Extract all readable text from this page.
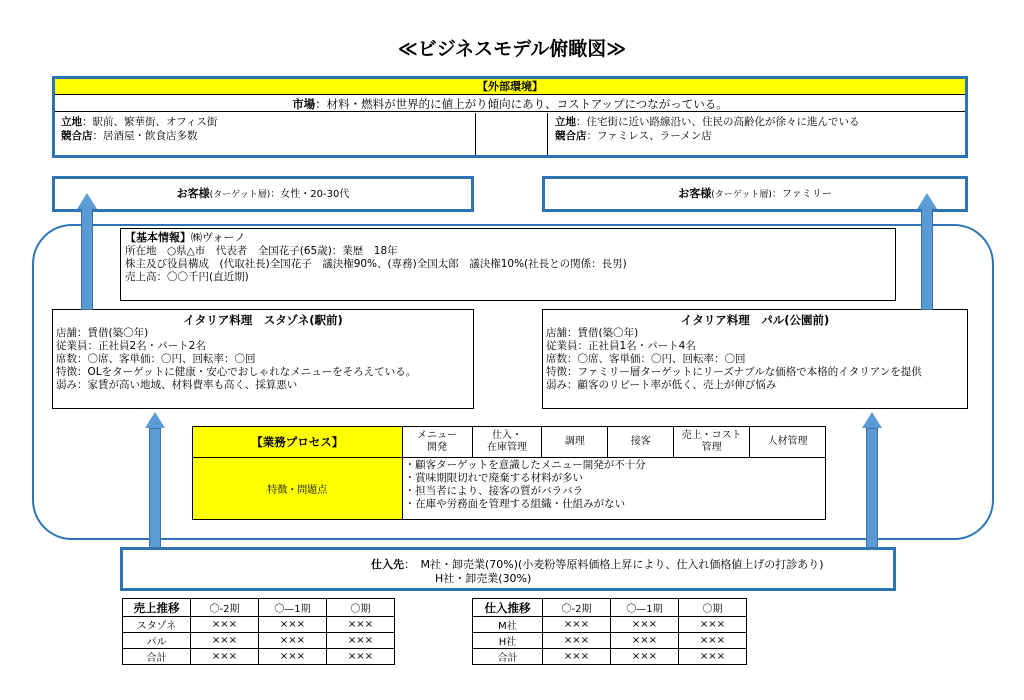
≪ビジネスモデル俯瞰図≫
【外部環境】
市場：材料・燃料が世界的に値上がり傾向にあり、コストアップにつながっている。
立地：駅前、繁華街、オフィス街
競合店：居酒屋・飲食店多数
立地：住宅街に近い路線沿い、住民の高齢化が徐々に進んでいる
競合店：ファミレス、ラーメン店
お客様(ターゲット層)：女性・20-30代	お客様(ターゲット層)：ファミリー
【基本情報】㈱ヴォーノ
所在地　○県△市　代表者　全国花子(65歳)：業歴　18年
株主及び役員構成　(代取社長)全国花子　議決権90%、(専務)全国太郎　議決権10%(社長との関係：長男)
売上高：〇〇千円(直近期)
イタリア料理　スタゾネ(駅前)
店舗：賃借(築〇年)
従業員：正社員2名・パート2名
席数：〇席、客単価：〇円、回転率：〇回
特徴：OLをターゲットに健康・安心でおしゃれなメニューをそろえている。
弱み：家賃が高い地域、材料費率も高く、採算悪い
イタリア料理　パル(公園前)
店舗：賃借(築〇年)
従業員：正社員1名・パート4名
席数：〇席、客単価：〇円、回転率：〇回
特徴：ファミリー層ターゲットにリーズナブルな価格で本格的イタリアンを提供
弱み：顧客のリピート率が低く、売上が伸び悩み
【業務プロセス】	メニュー
開発	仕入・
在庫管理	調理	接客	売上・コスト
管理	人材管理
特徴・問題点	・顧客ターゲットを意識したメニュー開発が不十分
・賞味期限切れで廃棄する材料が多い
・担当者により、接客の質がバラバラ
・在庫や労務面を管理する組織・仕組みがない					
仕入先：　M社・卸売業(70%)(小麦粉等原料価格上昇により、仕入れ価格値上げの打診あり)
H社・卸売業(30%)
売上推移	〇-2期	〇—1期	〇期
スタゾネ	×××	×××	×××
パル	×××	×××	×××
合計	×××	×××	×××
仕入推移	〇-2期	〇—1期	〇期
M社	×××	×××	×××
H社	×××	×××	×××
合計	×××	×××	×××
